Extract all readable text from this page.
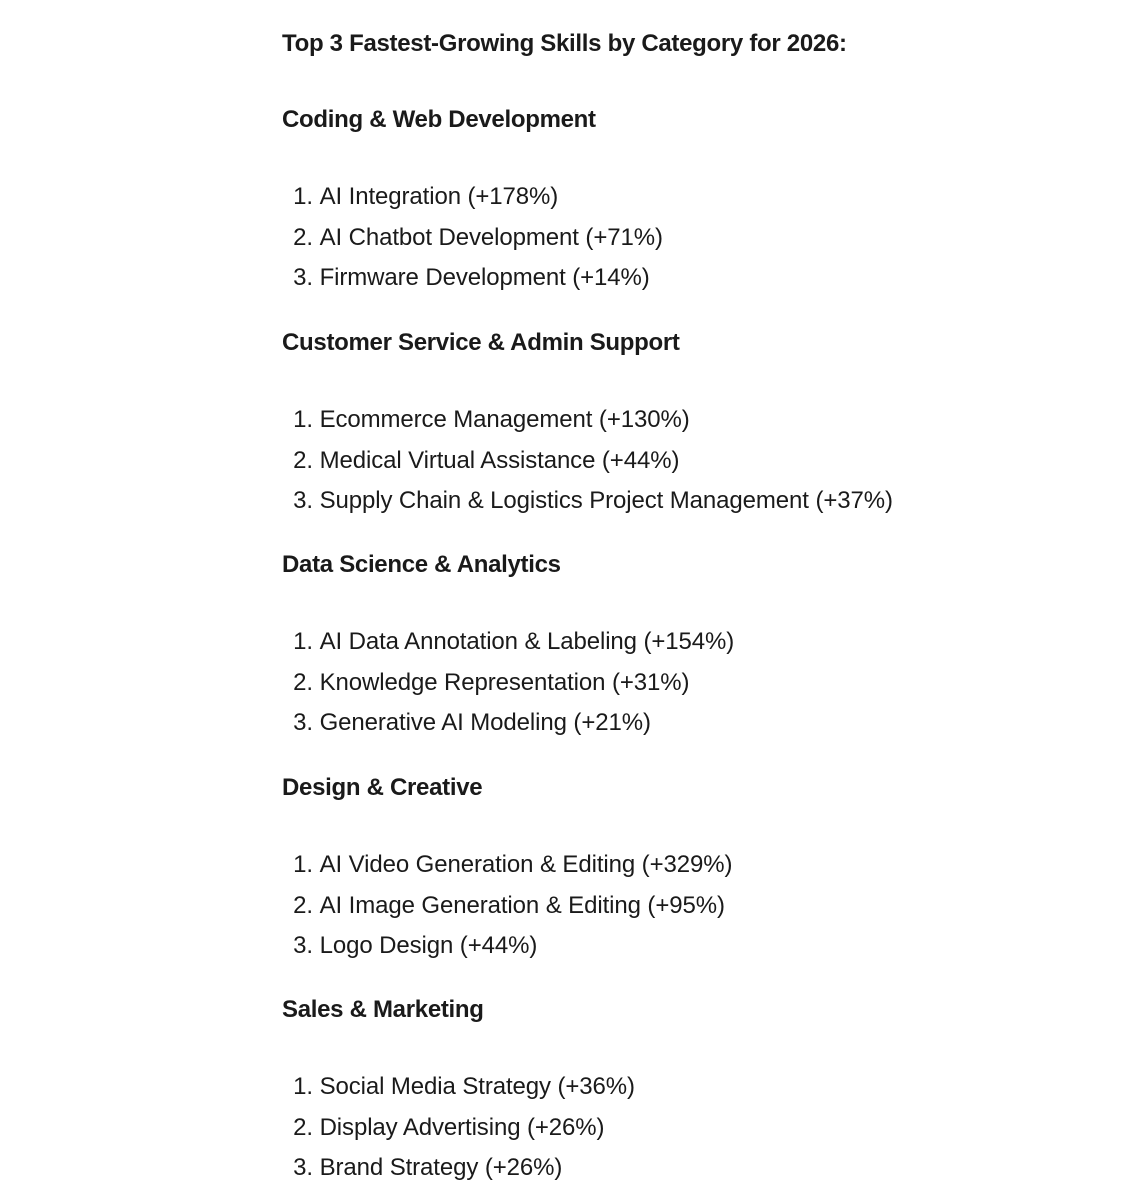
Top 3 Fastest-Growing Skills by Category for 2026:
Coding & Web Development
1. AI Integration (+178%)
2. AI Chatbot Development (+71%)
3. Firmware Development (+14%)
Customer Service & Admin Support
1. Ecommerce Management (+130%)
2. Medical Virtual Assistance (+44%)
3. Supply Chain & Logistics Project Management (+37%)
Data Science & Analytics
1. AI Data Annotation & Labeling (+154%)
2. Knowledge Representation (+31%)
3. Generative AI Modeling (+21%)
Design & Creative
1. AI Video Generation & Editing (+329%)
2. AI Image Generation & Editing (+95%)
3. Logo Design (+44%)
Sales & Marketing
1. Social Media Strategy (+36%)
2. Display Advertising (+26%)
3. Brand Strategy (+26%)
